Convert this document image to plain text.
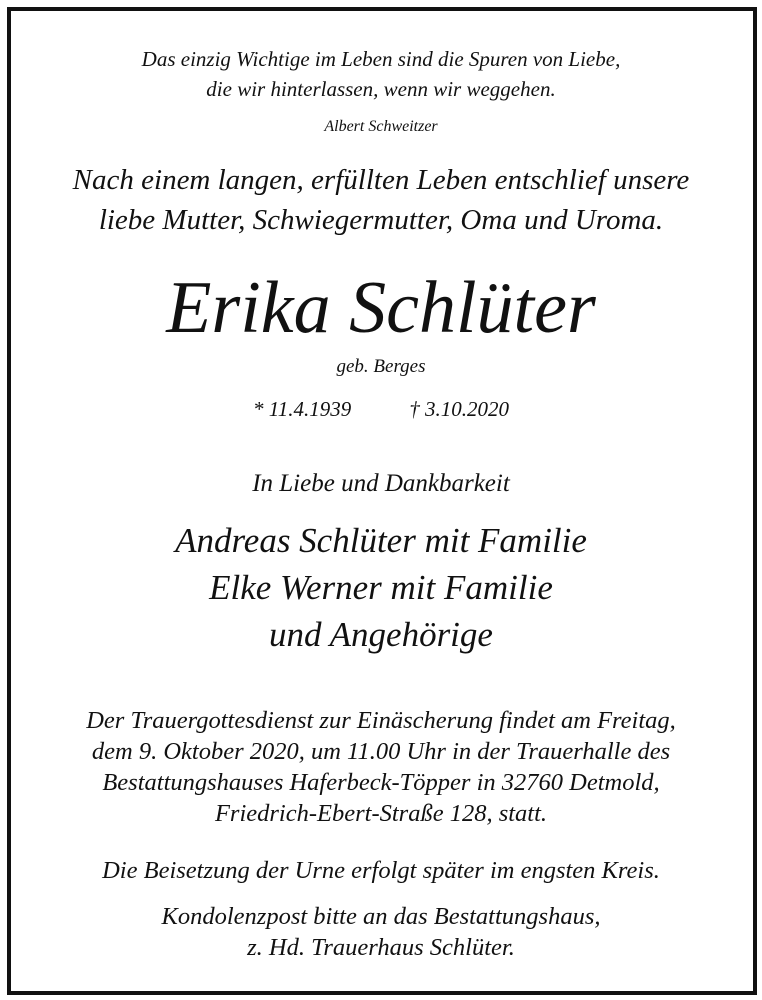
Das einzig Wichtige im Leben sind die Spuren von Liebe,
die wir hinterlassen, wenn wir weggehen.
Albert Schweitzer
Nach einem langen, erfüllten Leben entschlief unsere
liebe Mutter, Schwiegermutter, Oma und Uroma.
Erika Schlüter
geb. Berges
* 11.4.1939	† 3.10.2020
In Liebe und Dankbarkeit
Andreas Schlüter mit Familie
Elke Werner mit Familie
und Angehörige
Der Trauergottesdienst zur Einäscherung findet am Freitag,
dem 9. Oktober 2020, um 11.00 Uhr in der Trauerhalle des
Bestattungshauses Haferbeck-Töpper in 32760 Detmold,
Friedrich-Ebert-Straße 128, statt.
Die Beisetzung der Urne erfolgt später im engsten Kreis.
Kondolenzpost bitte an das Bestattungshaus,
z. Hd. Trauerhaus Schlüter.
